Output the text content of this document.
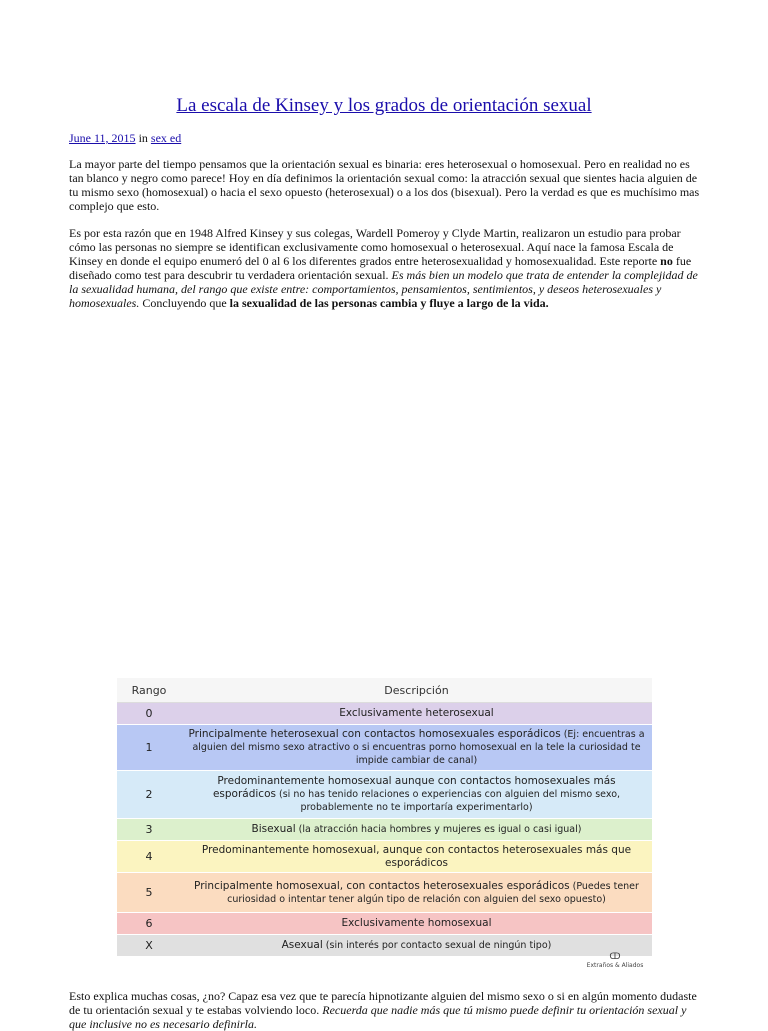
La escala de Kinsey y los grados de orientación sexual
June 11, 2015 in sex ed

La mayor parte del tiempo pensamos que la orientación sexual es binaria: eres heterosexual o homosexual. Pero en realidad no es tan blanco y negro como parece! Hoy en día definimos la orientación sexual como: la atracción sexual que sientes hacia alguien de tu mismo sexo (homosexual) o hacia el sexo opuesto (heterosexual) o a los dos (bisexual). Pero la verdad es que es muchísimo mas complejo que esto.

Es por esta razón que en 1948 Alfred Kinsey y sus colegas, Wardell Pomeroy y Clyde Martin, realizaron un estudio para probar cómo las personas no siempre se identifican exclusivamente como homosexual o heterosexual. Aquí nace la famosa Escala de Kinsey en donde el equipo enumeró del 0 al 6 los diferentes grados entre heterosexualidad y homosexualidad. Este reporte no fue diseñado como test para descubrir tu verdadera orientación sexual. Es más bien un modelo que trata de entender la complejidad de la sexualidad humana, del rango que existe entre: comportamientos, pensamientos, sentimientos, y deseos heterosexuales y homosexuales. Concluyendo que la sexualidad de las personas cambia y fluye a largo de la vida.

Rango	Descripción
0	Exclusivamente heterosexual
1	Principalmente heterosexual con contactos homosexuales esporádicos (Ej: encuentras a alguien del mismo sexo atractivo o si encuentras porno homosexual en la tele la curiosidad te impide cambiar de canal)
2	Predominantemente homosexual aunque con contactos homosexuales más esporádicos (si no has tenido relaciones o experiencias con alguien del mismo sexo, probablemente no te importaría experimentarlo)
3	Bisexual (la atracción hacia hombres y mujeres es igual o casi igual)
4	Predominantemente homosexual, aunque con contactos heterosexuales más que esporádicos
5	Principalmente homosexual, con contactos heterosexuales esporádicos (Puedes tener curiosidad o intentar tener algún tipo de relación con alguien del sexo opuesto)
6	Exclusivamente homosexual
X	Asexual (sin interés por contacto sexual de ningún tipo)
ↀ
Extraños & Aliados

Esto explica muchas cosas, ¿no? Capaz esa vez que te parecía hipnotizante alguien del mismo sexo o si en algún momento dudaste de tu orientación sexual y te estabas volviendo loco. Recuerda que nadie más que tú mismo puede definir tu orientación sexual y que inclusive no es necesario definirla.
